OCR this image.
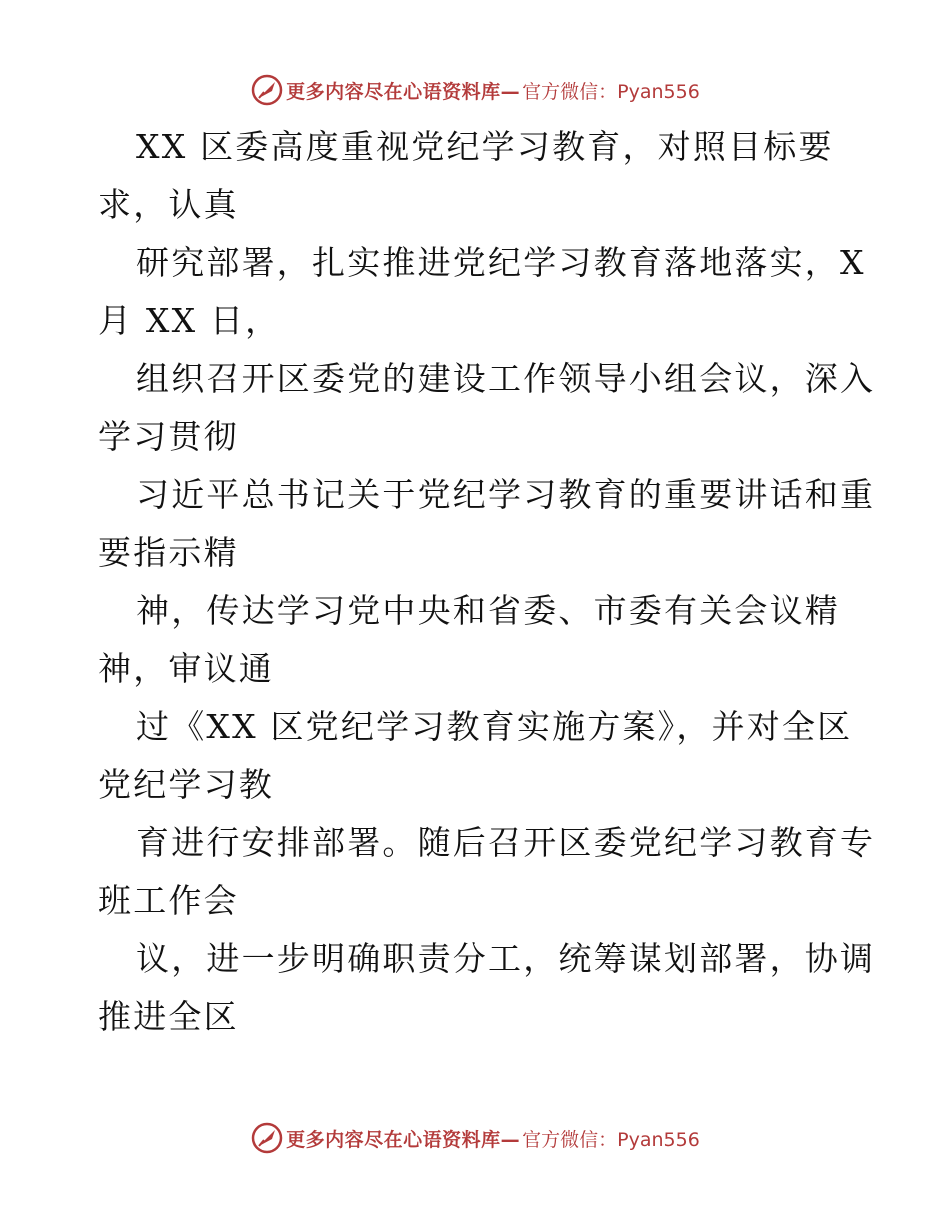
更多内容尽在心语资料库— 官方微信：Pyan556
XX 区委高度重视党纪学习教育，对照目标要
求，认真
研究部署，扎实推进党纪学习教育落地落实，X
月 XX 日，
组织召开区委党的建设工作领导小组会议，深入
学习贯彻
习近平总书记关于党纪学习教育的重要讲话和重
要指示精
神，传达学习党中央和省委、市委有关会议精
神，审议通
过《XX 区党纪学习教育实施方案》，并对全区
党纪学习教
育进行安排部署。随后召开区委党纪学习教育专
班工作会
议，进一步明确职责分工，统筹谋划部署，协调
推进全区
更多内容尽在心语资料库— 官方微信：Pyan556
